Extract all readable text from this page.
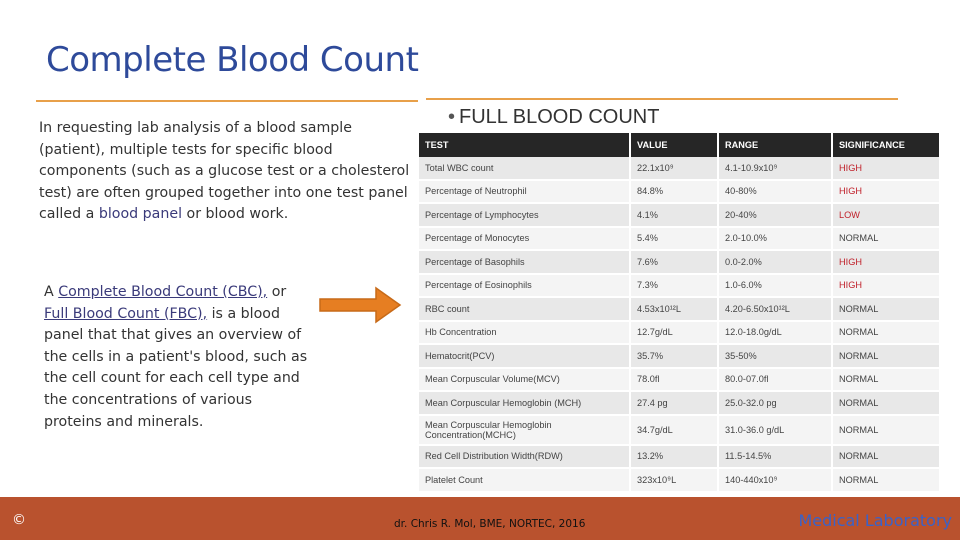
Complete Blood Count
In requesting lab analysis of a blood sample (patient), multiple tests for specific blood components (such as a glucose test or a cholesterol test) are often grouped together into one test panel called a blood panel or blood work.
A Complete Blood Count (CBC), or Full Blood Count (FBC), is a blood panel that that gives an overview of the cells in a patient's blood, such as the cell count for each cell type and the concentrations of various proteins and minerals.
• FULL BLOOD COUNT
TEST	VALUE	RANGE	SIGNIFICANCE
Total WBC count	22.1x10⁹	4.1-10.9x10⁹	HIGH
Percentage of Neutrophil	84.8%	40-80%	HIGH
Percentage of Lymphocytes	4.1%	20-40%	LOW
Percentage of Monocytes	5.4%	2.0-10.0%	NORMAL
Percentage of Basophils	7.6%	0.0-2.0%	HIGH
Percentage of Eosinophils	7.3%	1.0-6.0%	HIGH
RBC count	4.53x10¹²L	4.20-6.50x10¹²L	NORMAL
Hb Concentration	12.7g/dL	12.0-18.0g/dL	NORMAL
Hematocrit(PCV)	35.7%	35-50%	NORMAL
Mean Corpuscular Volume(MCV)	78.0fl	80.0-07.0fl	NORMAL
Mean Corpuscular Hemoglobin (MCH)	27.4 pg	25.0-32.0 pg	NORMAL
Mean Corpuscular Hemoglobin Concentration(MCHC)	34.7g/dL	31.0-36.0 g/dL	NORMAL
Red Cell Distribution Width(RDW)	13.2%	11.5-14.5%	NORMAL
Platelet Count	323x10⁹L	140-440x10⁹	NORMAL
©	dr. Chris R. Mol, BME, NORTEC, 2016	Medical Laboratory
